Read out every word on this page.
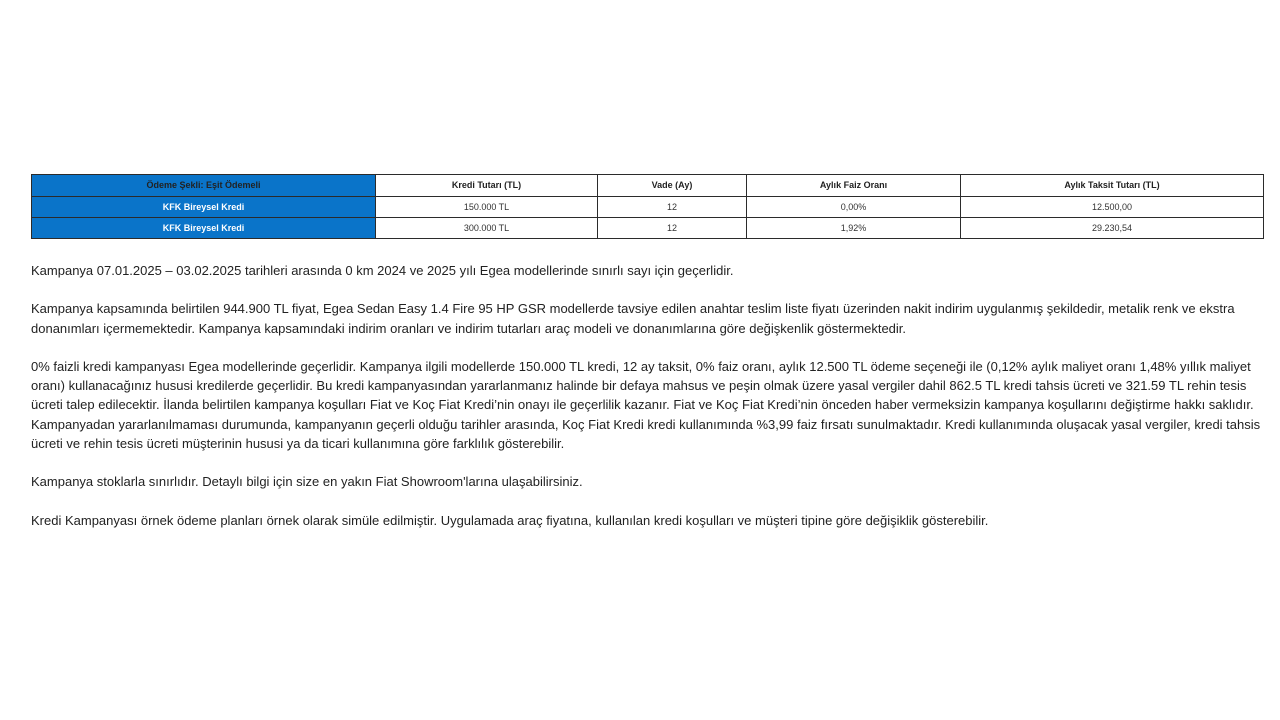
Ödeme Şekli: Eşit Ödemeli	Kredi Tutarı (TL)	Vade (Ay)	Aylık Faiz Oranı	Aylık Taksit Tutarı (TL)
KFK Bireysel Kredi	150.000 TL	12	0,00%	12.500,00
KFK Bireysel Kredi	300.000 TL	12	1,92%	29.230,54

Kampanya 07.01.2025 – 03.02.2025 tarihleri arasında 0 km 2024 ve 2025 yılı Egea modellerinde sınırlı sayı için geçerlidir.

Kampanya kapsamında belirtilen 944.900 TL fiyat, Egea Sedan Easy 1.4 Fire 95 HP GSR modellerde tavsiye edilen anahtar teslim liste fiyatı üzerinden nakit indirim uygulanmış şekildedir, metalik renk ve ekstra donanımları içermemektedir. Kampanya kapsamındaki indirim oranları ve indirim tutarları araç modeli ve donanımlarına göre değişkenlik göstermektedir.

0% faizli kredi kampanyası Egea modellerinde geçerlidir. Kampanya ilgili modellerde 150.000 TL kredi, 12 ay taksit, 0% faiz oranı, aylık 12.500 TL ödeme seçeneği ile (0,12% aylık maliyet oranı 1,48% yıllık maliyet oranı) kullanacağınız hususi kredilerde geçerlidir. Bu kredi kampanyasından yararlanmanız halinde bir defaya mahsus ve peşin olmak üzere yasal vergiler dahil 862.5 TL kredi tahsis ücreti ve 321.59 TL rehin tesis ücreti talep edilecektir. İlanda belirtilen kampanya koşulları Fiat ve Koç Fiat Kredi’nin onayı ile geçerlilik kazanır. Fiat ve Koç Fiat Kredi’nin önceden haber vermeksizin kampanya koşullarını değiştirme hakkı saklıdır. Kampanyadan yararlanılmaması durumunda, kampanyanın geçerli olduğu tarihler arasında, Koç Fiat Kredi kredi kullanımında %3,99 faiz fırsatı sunulmaktadır. Kredi kullanımında oluşacak yasal vergiler, kredi tahsis ücreti ve rehin tesis ücreti müşterinin hususi ya da ticari kullanımına göre farklılık gösterebilir.

Kampanya stoklarla sınırlıdır. Detaylı bilgi için size en yakın Fiat Showroom'larına ulaşabilirsiniz.

Kredi Kampanyası örnek ödeme planları örnek olarak simüle edilmiştir. Uygulamada araç fiyatına, kullanılan kredi koşulları ve müşteri tipine göre değişiklik gösterebilir.
